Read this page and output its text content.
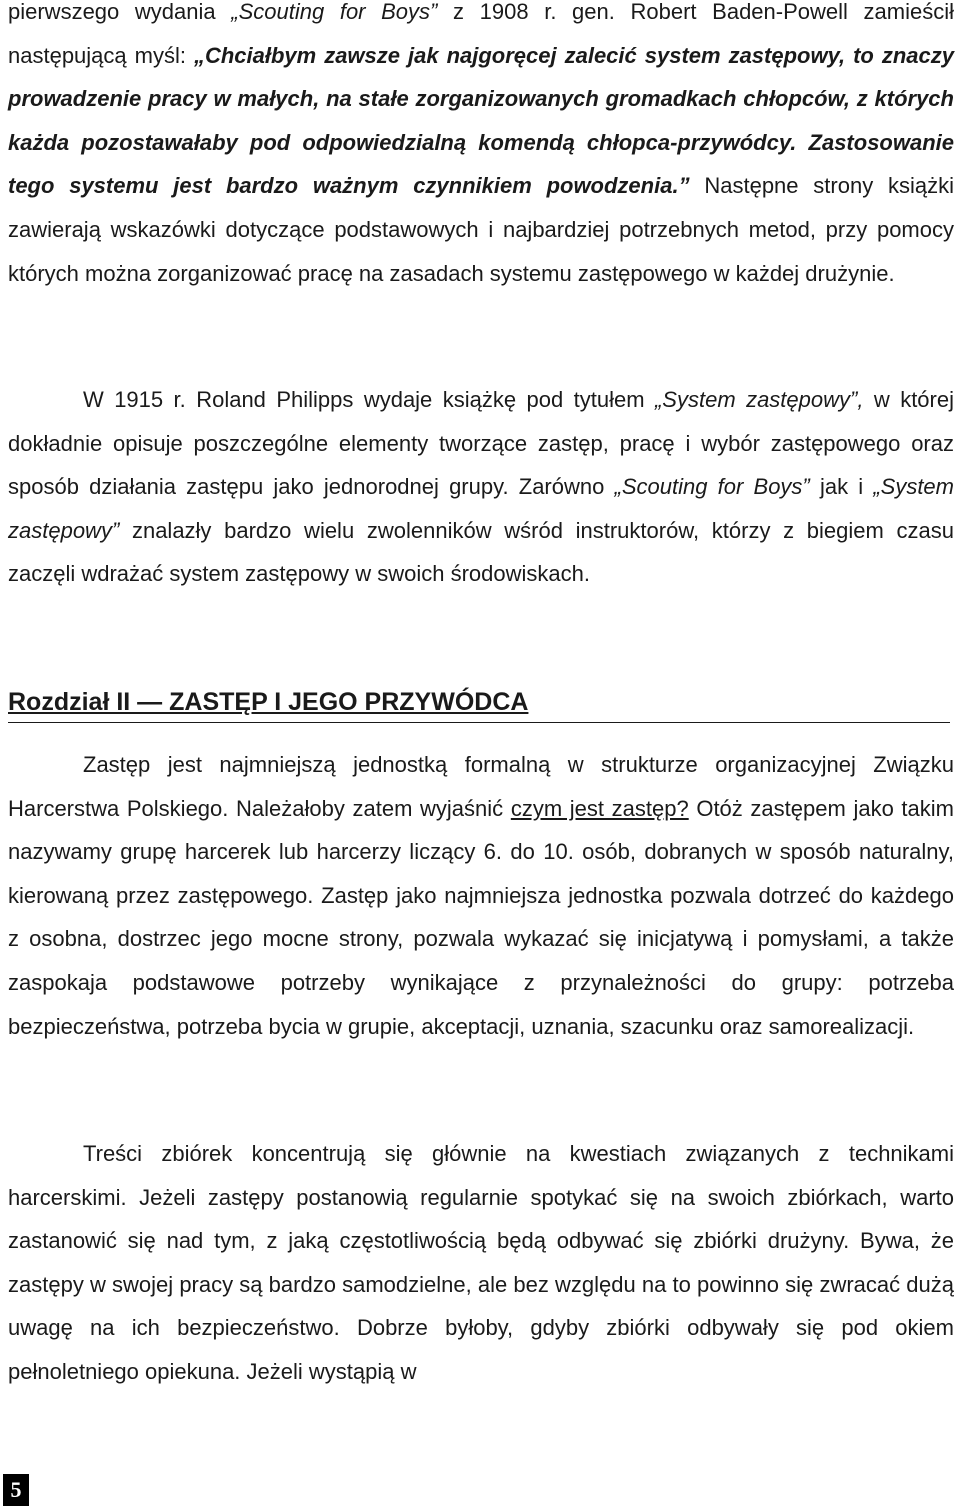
pierwszego wydania „Scouting for Boys” z 1908 r. gen. Robert Baden-Powell zamieścił następującą myśl: „Chciałbym zawsze jak najgoręcej zalecić system zastępowy, to znaczy prowadzenie pracy w małych, na stałe zorganizowanych gromadkach chłopców, z których każda pozostawałaby pod odpowiedzialną komendą chłopca-przywódcy. Zastosowanie tego systemu jest bardzo ważnym czynnikiem powodzenia.” Następne strony książki zawierają wskazówki dotyczące podstawowych i najbardziej potrzebnych metod, przy pomocy których można zorganizować pracę na zasadach systemu zastępowego w każdej drużynie.

W 1915 r. Roland Philipps wydaje książkę pod tytułem „System zastępowy”, w której dokładnie opisuje poszczególne elementy tworzące zastęp, pracę i wybór zastępowego oraz sposób działania zastępu jako jednorodnej grupy. Zarówno „Scouting for Boys” jak i „System zastępowy” znalazły bardzo wielu zwolenników wśród instruktorów, którzy z biegiem czasu zaczęli wdrażać system zastępowy w swoich środowiskach.

Rozdział II — ZASTĘP I JEGO PRZYWÓDCA

Zastęp jest najmniejszą jednostką formalną w strukturze organizacyjnej Związku Harcerstwa Polskiego. Należałoby zatem wyjaśnić czym jest zastęp? Otóż zastępem jako takim nazywamy grupę harcerek lub harcerzy liczący 6. do 10. osób, dobranych w sposób naturalny, kierowaną przez zastępowego. Zastęp jako najmniejsza jednostka pozwala dotrzeć do każdego z osobna, dostrzec jego mocne strony, pozwala wykazać się inicjatywą i pomysłami, a także zaspokaja podstawowe potrzeby wynikające z przynależności do grupy: potrzeba bezpieczeństwa, potrzeba bycia w grupie, akceptacji, uznania, szacunku oraz samorealizacji.

Treści zbiórek koncentrują się głównie na kwestiach związanych z technikami harcerskimi. Jeżeli zastępy postanowią regularnie spotykać się na swoich zbiórkach, warto zastanowić się nad tym, z jaką częstotliwością będą odbywać się zbiórki drużyny. Bywa, że zastępy w swojej pracy są bardzo samodzielne, ale bez względu na to powinno się zwracać dużą uwagę na ich bezpieczeństwo. Dobrze byłoby, gdyby zbiórki odbywały się pod okiem pełnoletniego opiekuna. Jeżeli wystąpią w

5
